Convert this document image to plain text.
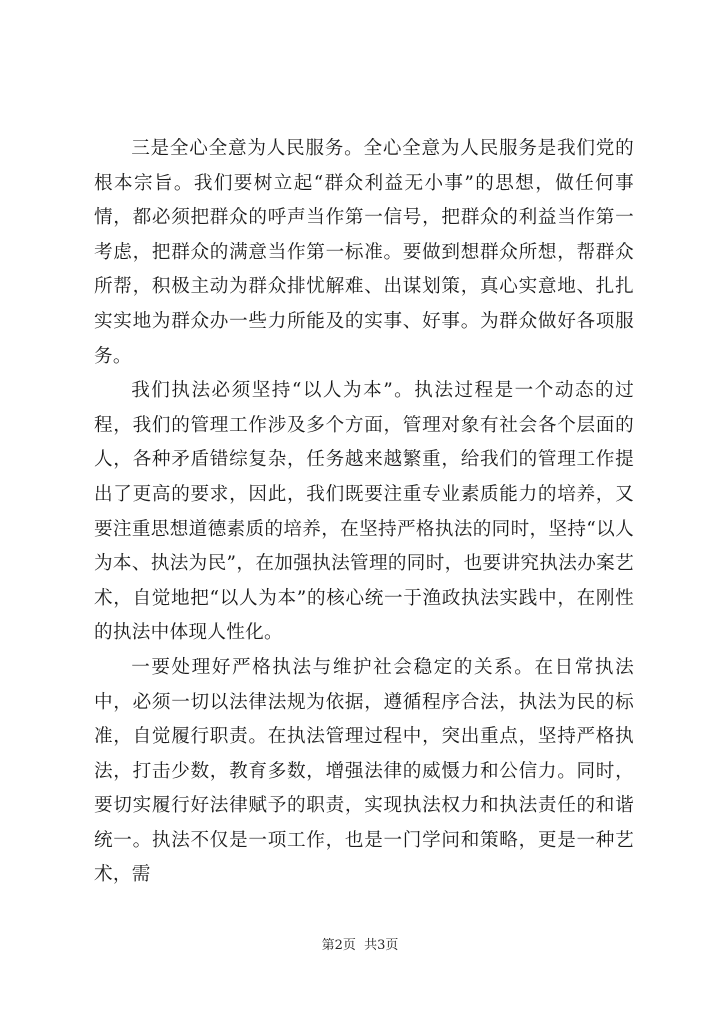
三是全心全意为人民服务。全心全意为人民服务是我们党的根本宗旨。我们要树立起“群众利益无小事”的思想，做任何事情，都必须把群众的呼声当作第一信号，把群众的利益当作第一考虑，把群众的满意当作第一标准。要做到想群众所想，帮群众所帮，积极主动为群众排忧解难、出谋划策，真心实意地、扎扎实实地为群众办一些力所能及的实事、好事。为群众做好各项服务。

我们执法必须坚持“以人为本”。执法过程是一个动态的过程，我们的管理工作涉及多个方面，管理对象有社会各个层面的人，各种矛盾错综复杂，任务越来越繁重，给我们的管理工作提出了更高的要求，因此，我们既要注重专业素质能力的培养，又要注重思想道德素质的培养，在坚持严格执法的同时，坚持“以人为本、执法为民”，在加强执法管理的同时，也要讲究执法办案艺术，自觉地把“以人为本”的核心统一于渔政执法实践中，在刚性的执法中体现人性化。

一要处理好严格执法与维护社会稳定的关系。在日常执法中，必须一切以法律法规为依据，遵循程序合法，执法为民的标准，自觉履行职责。在执法管理过程中，突出重点，坚持严格执法，打击少数，教育多数，增强法律的威慑力和公信力。同时，要切实履行好法律赋予的职责，实现执法权力和执法责任的和谐统一。执法不仅是一项工作，也是一门学问和策略，更是一种艺术，需

第2页 共3页
